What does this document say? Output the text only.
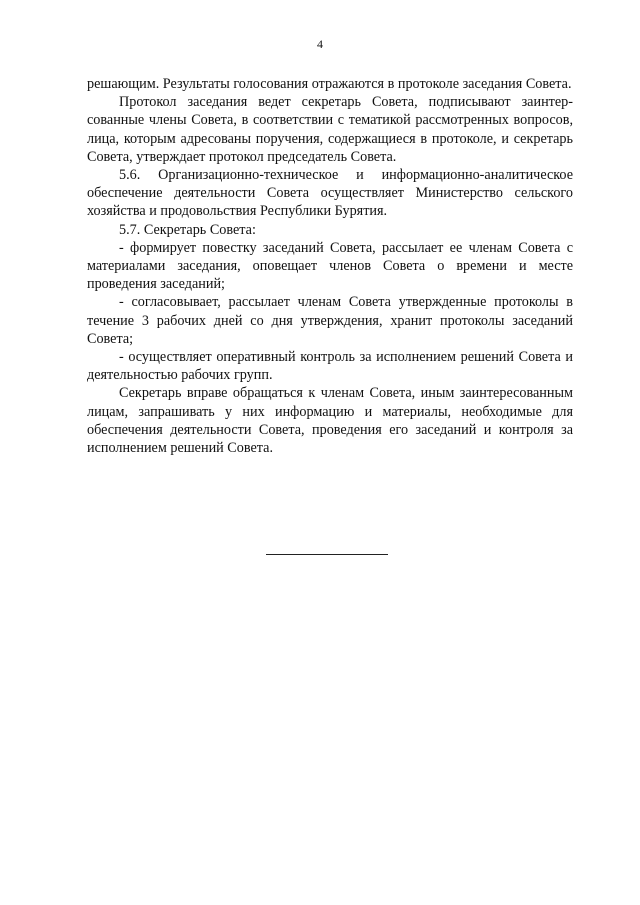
4

решающим. Результаты голосования отражаются в протоколе заседания Совета.

Протокол заседания ведет секретарь Совета, подписывают заинтерсованные члены Совета, в соответствии с тематикой рассмотренных вопросов, лица, которым адресованы поручения, содержащиеся в протоколе, и секретарь Совета, утверждает протокол председатель Совета.

5.6. Организационно-техническое и информационно-аналитическое обеспечение деятельности Совета осуществляет Министерство сельского хозяйства и продовольствия Республики Бурятия.

5.7. Секретарь Совета:

- формирует повестку заседаний Совета, рассылает ее членам Совета с материалами заседания, оповещает членов Совета о времени и месте проведения заседаний;

- согласовывает, рассылает членам Совета утвержденные протоколы в течение 3 рабочих дней со дня утверждения, хранит протоколы заседаний Совета;

- осуществляет оперативный контроль за исполнением решений Совета и деятельностью рабочих групп.

Секретарь вправе обращаться к членам Совета, иным заинтересованным лицам, запрашивать у них информацию и материалы, необходимые для обеспечения деятельности Совета, проведения его заседаний и контроля за исполнением решений Совета.
